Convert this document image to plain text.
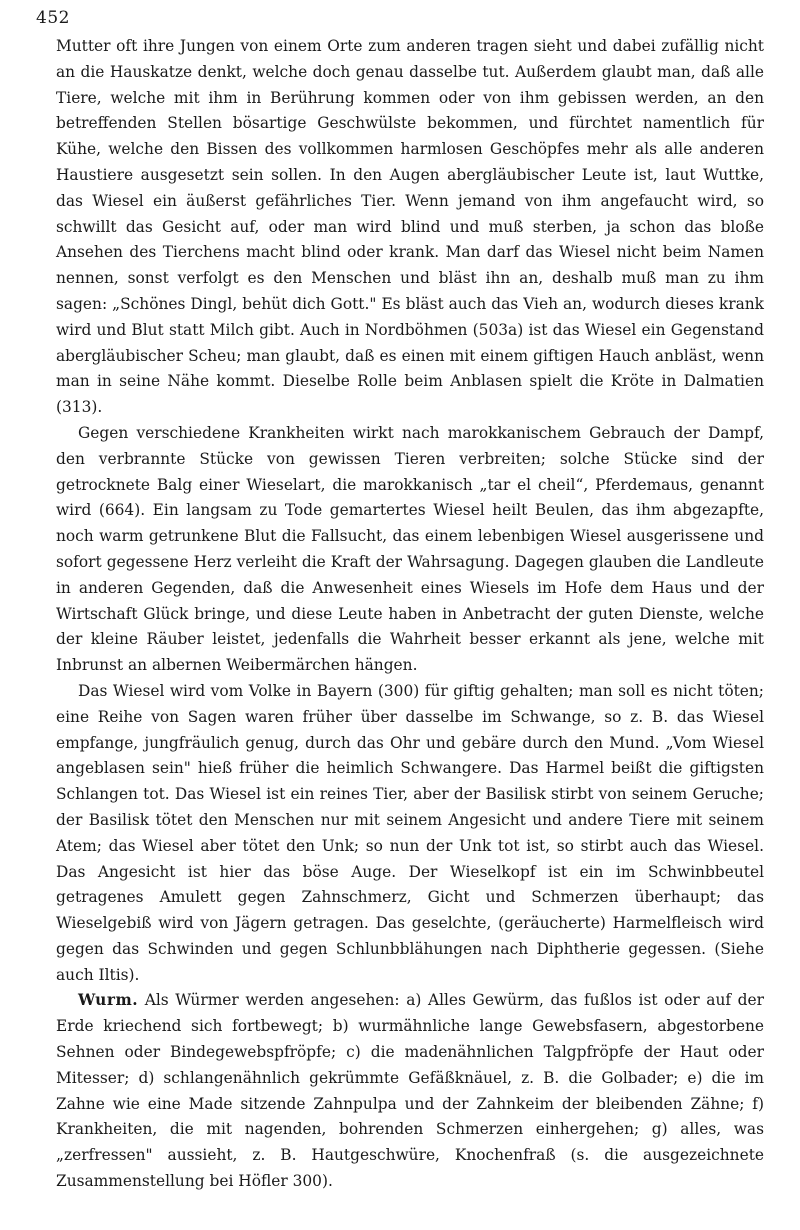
452

Mutter oft ihre Jungen von einem Orte zum anderen tragen sieht und dabei zufällig nicht an die Hauskatze denkt, welche doch genau dasselbe tut. Außerdem glaubt man, daß alle Tiere, welche mit ihm in Berührung kommen oder von ihm gebissen werden, an den betreffenden Stellen bösartige Geschwülste bekommen, und fürchtet namentlich für Kühe, welche den Bissen des vollkommen harmlosen Geschöpfes mehr als alle anderen Haustiere ausgesetzt sein sollen. In den Augen abergläubischer Leute ist, laut Wuttke, das Wiesel ein äußerst gefährliches Tier. Wenn jemand von ihm angefaucht wird, so schwillt das Gesicht auf, oder man wird blind und muß sterben, ja schon das bloße Ansehen des Tierchens macht blind oder krank. Man darf das Wiesel nicht beim Namen nennen, sonst verfolgt es den Menschen und bläst ihn an, deshalb muß man zu ihm sagen: „Schönes Dingl, behüt dich Gott." Es bläst auch das Vieh an, wodurch dieses krank wird und Blut statt Milch gibt. Auch in Nordböhmen (503a) ist das Wiesel ein Gegenstand abergläubischer Scheu; man glaubt, daß es einen mit einem giftigen Hauch anbläst, wenn man in seine Nähe kommt. Dieselbe Rolle beim Anblasen spielt die Kröte in Dalmatien (313).

Gegen verschiedene Krankheiten wirkt nach marokkanischem Gebrauch der Dampf, den verbrannte Stücke von gewissen Tieren verbreiten; solche Stücke sind der getrocknete Balg einer Wieselart, die marokkanisch „tar el cheil“, Pferdemaus, genannt wird (664). Ein langsam zu Tode gemartertes Wiesel heilt Beulen, das ihm abgezapfte, noch warm getrunkene Blut die Fallsucht, das einem lebenbigen Wiesel ausgerissene und sofort gegessene Herz verleiht die Kraft der Wahrsagung. Dagegen glauben die Landleute in anderen Gegenden, daß die Anwesenheit eines Wiesels im Hofe dem Haus und der Wirtschaft Glück bringe, und diese Leute haben in Anbetracht der guten Dienste, welche der kleine Räuber leistet, jedenfalls die Wahrheit besser erkannt als jene, welche mit Inbrunst an albernen Weibermärchen hängen.

Das Wiesel wird vom Volke in Bayern (300) für giftig gehalten; man soll es nicht töten; eine Reihe von Sagen waren früher über dasselbe im Schwange, so z. B. das Wiesel empfange, jungfräulich genug, durch das Ohr und gebäre durch den Mund. „Vom Wiesel angeblasen sein" hieß früher die heimlich Schwangere. Das Harmel beißt die giftigsten Schlangen tot. Das Wiesel ist ein reines Tier, aber der Basilisk stirbt von seinem Geruche; der Basilisk tötet den Menschen nur mit seinem Angesicht und andere Tiere mit seinem Atem; das Wiesel aber tötet den Unk; so nun der Unk tot ist, so stirbt auch das Wiesel. Das Angesicht ist hier das böse Auge. Der Wieselkopf ist ein im Schwinbbeutel getragenes Amulett gegen Zahnschmerz, Gicht und Schmerzen überhaupt; das Wieselgebiß wird von Jägern getragen. Das geselchte, (geräucherte) Harmelfleisch wird gegen das Schwinden und gegen Schlunbblähungen nach Diphtherie gegessen. (Siehe auch Iltis).

Wurm. Als Würmer werden angesehen: a) Alles Gewürm, das fußlos ist oder auf der Erde kriechend sich fortbewegt; b) wurmähnliche lange Gewebsfasern, abgestorbene Sehnen oder Bindegewebspfröpfe; c) die madenähnlichen Talgpfröpfe der Haut oder Mitesser; d) schlangenähnlich gekrümmte Gefäßknäuel, z. B. die Golbader; e) die im Zahne wie eine Made sitzende Zahnpulpa und der Zahnkeim der bleibenden Zähne; f) Krankheiten, die mit nagenden, bohrenden Schmerzen einhergehen; g) alles, was „zerfressen" aussieht, z. B. Hautgeschwüre, Knochenfraß (s. die ausgezeichnete Zusammenstellung bei Höfler 300).
